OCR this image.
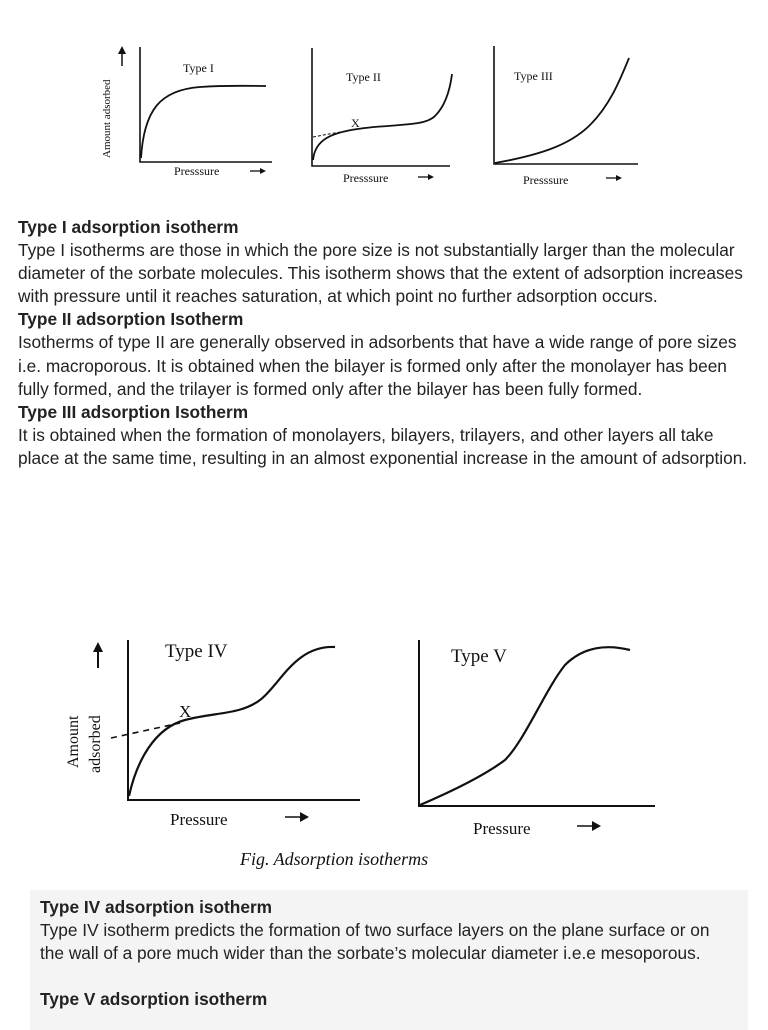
Amount adsorbed
Type I
Presssure
Type II
X
Presssure
Type III
Presssure
Type I adsorption isotherm

Type I isotherms are those in which the pore size is not substantially larger than the molecular diameter of the sorbate molecules. This isotherm shows that the extent of adsorption increases with pressure until it reaches saturation, at which point no further adsorption occurs.

Type II adsorption Isotherm

Isotherms of type II are generally observed in adsorbents that have a wide range of pore sizes i.e. macroporous. It is obtained when the bilayer is formed only after the monolayer has been fully formed, and the trilayer is formed only after the bilayer has been fully formed.

Type III adsorption Isotherm

It is obtained when the formation of monolayers, bilayers, trilayers, and other layers all take place at the same time, resulting in an almost exponential increase in the amount of adsorption.

Amount adsorbed
Type IV
X
Pressure
Type V
Pressure
Fig. Adsorption isotherms
Type IV adsorption isotherm

Type IV isotherm predicts the formation of two surface layers on the plane surface or on the wall of a pore much wider than the sorbate’s molecular diameter i.e.e mesoporous.

Type V adsorption isotherm
